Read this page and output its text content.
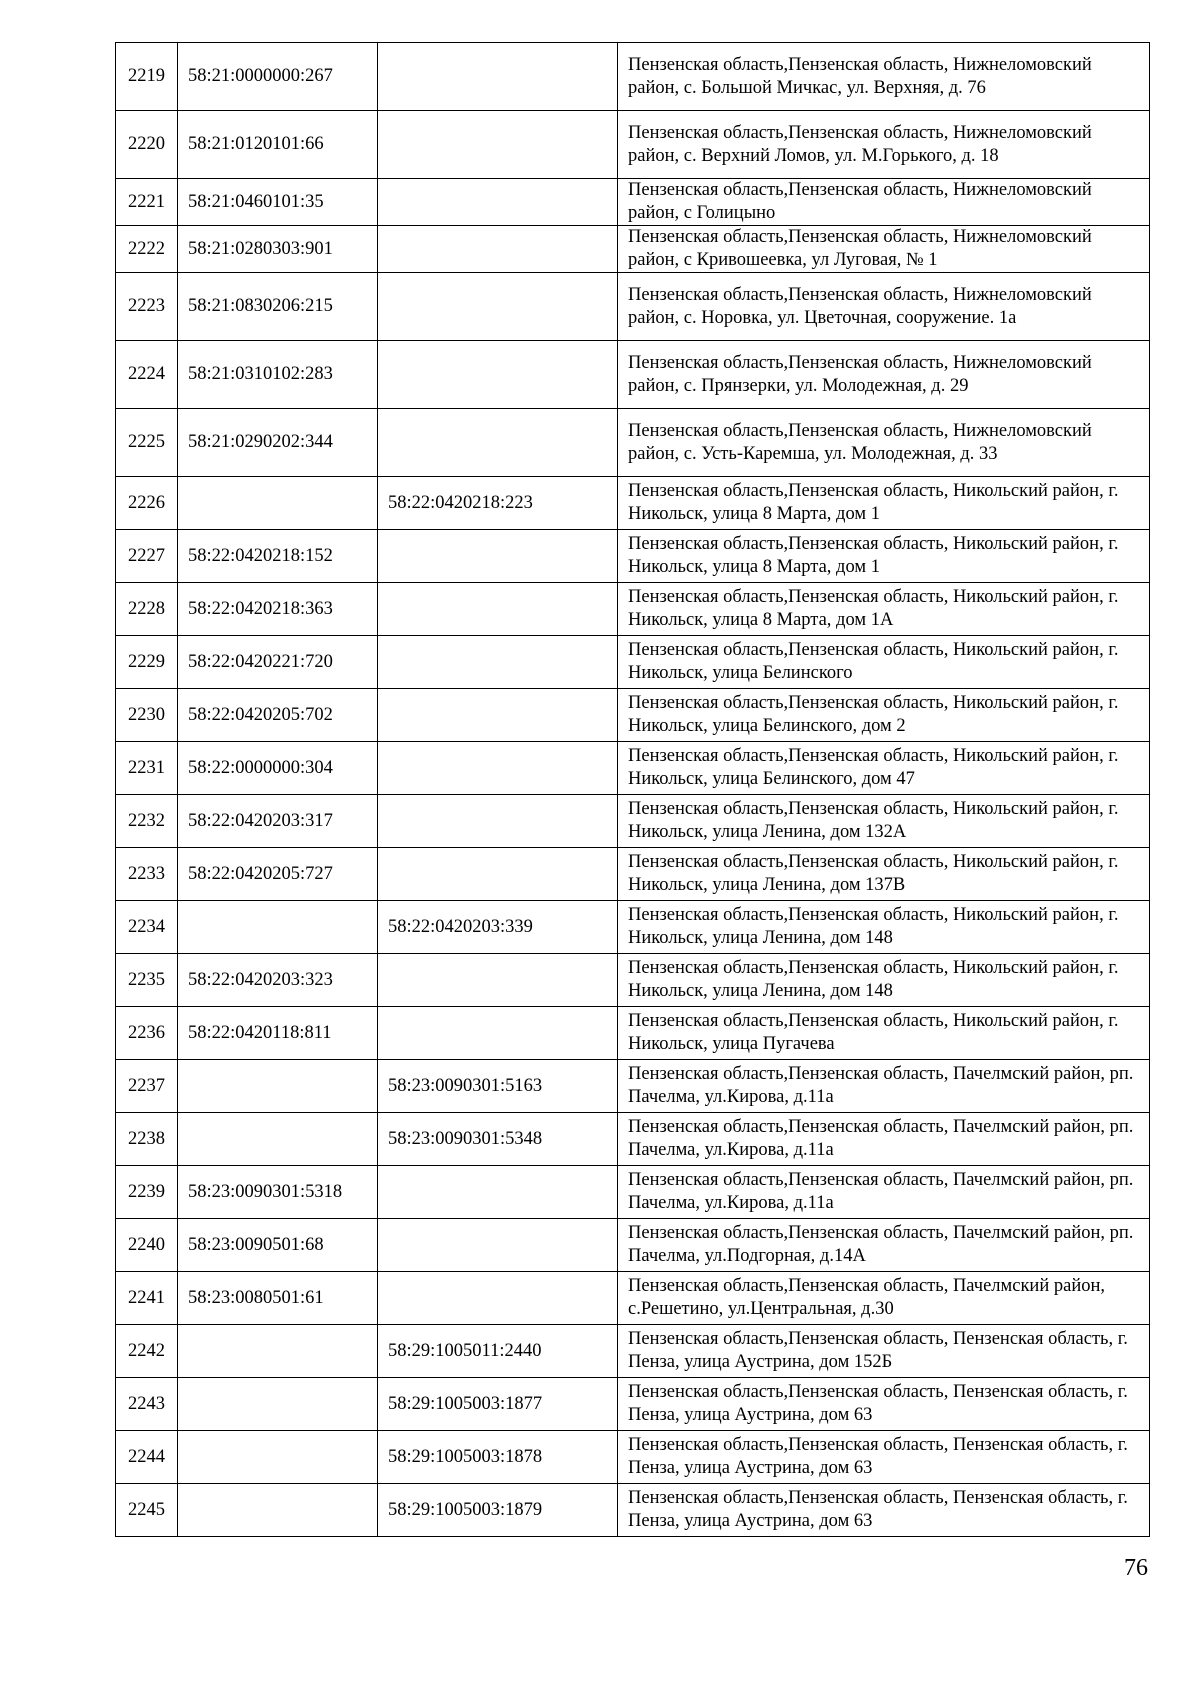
2219	58:21:0000000:267		Пензенская область,Пензенская область, Нижнеломовский район, с. Большой Мичкас, ул. Верхняя, д. 76
2220	58:21:0120101:66		Пензенская область,Пензенская область, Нижнеломовский район, с. Верхний Ломов, ул. М.Горького, д. 18
2221	58:21:0460101:35		Пензенская область,Пензенская область, Нижнеломовский район, с Голицыно
2222	58:21:0280303:901		Пензенская область,Пензенская область, Нижнеломовский район, с Кривошеевка, ул Луговая, № 1
2223	58:21:0830206:215		Пензенская область,Пензенская область, Нижнеломовский район, с. Норовка, ул. Цветочная, сооружение. 1а
2224	58:21:0310102:283		Пензенская область,Пензенская область, Нижнеломовский район, с. Прянзерки, ул. Молодежная, д. 29
2225	58:21:0290202:344		Пензенская область,Пензенская область, Нижнеломовский район, с. Усть-Каремша, ул. Молодежная, д. 33
2226		58:22:0420218:223	Пензенская область,Пензенская область, Никольский район, г. Никольск, улица 8 Марта, дом 1
2227	58:22:0420218:152		Пензенская область,Пензенская область, Никольский район, г. Никольск, улица 8 Марта, дом 1
2228	58:22:0420218:363		Пензенская область,Пензенская область, Никольский район, г. Никольск, улица 8 Марта, дом 1А
2229	58:22:0420221:720		Пензенская область,Пензенская область, Никольский район, г. Никольск, улица Белинского
2230	58:22:0420205:702		Пензенская область,Пензенская область, Никольский район, г. Никольск, улица Белинского, дом 2
2231	58:22:0000000:304		Пензенская область,Пензенская область, Никольский район, г. Никольск, улица Белинского, дом 47
2232	58:22:0420203:317		Пензенская область,Пензенская область, Никольский район, г. Никольск, улица Ленина, дом 132А
2233	58:22:0420205:727		Пензенская область,Пензенская область, Никольский район, г. Никольск, улица Ленина, дом 137В
2234		58:22:0420203:339	Пензенская область,Пензенская область, Никольский район, г. Никольск, улица Ленина, дом 148
2235	58:22:0420203:323		Пензенская область,Пензенская область, Никольский район, г. Никольск, улица Ленина, дом 148
2236	58:22:0420118:811		Пензенская область,Пензенская область, Никольский район, г. Никольск, улица Пугачева
2237		58:23:0090301:5163	Пензенская область,Пензенская область, Пачелмский район, рп. Пачелма, ул.Кирова, д.11а
2238		58:23:0090301:5348	Пензенская область,Пензенская область, Пачелмский район, рп. Пачелма, ул.Кирова, д.11а
2239	58:23:0090301:5318		Пензенская область,Пензенская область, Пачелмский район, рп. Пачелма, ул.Кирова, д.11а
2240	58:23:0090501:68		Пензенская область,Пензенская область, Пачелмский район, рп. Пачелма, ул.Подгорная, д.14А
2241	58:23:0080501:61		Пензенская область,Пензенская область, Пачелмский район, с.Решетино, ул.Центральная, д.30
2242		58:29:1005011:2440	Пензенская область,Пензенская область, Пензенская область, г. Пенза, улица Аустрина, дом 152Б
2243		58:29:1005003:1877	Пензенская область,Пензенская область, Пензенская область, г. Пенза, улица Аустрина, дом 63
2244		58:29:1005003:1878	Пензенская область,Пензенская область, Пензенская область, г. Пенза, улица Аустрина, дом 63
2245		58:29:1005003:1879	Пензенская область,Пензенская область, Пензенская область, г. Пенза, улица Аустрина, дом 63
76
